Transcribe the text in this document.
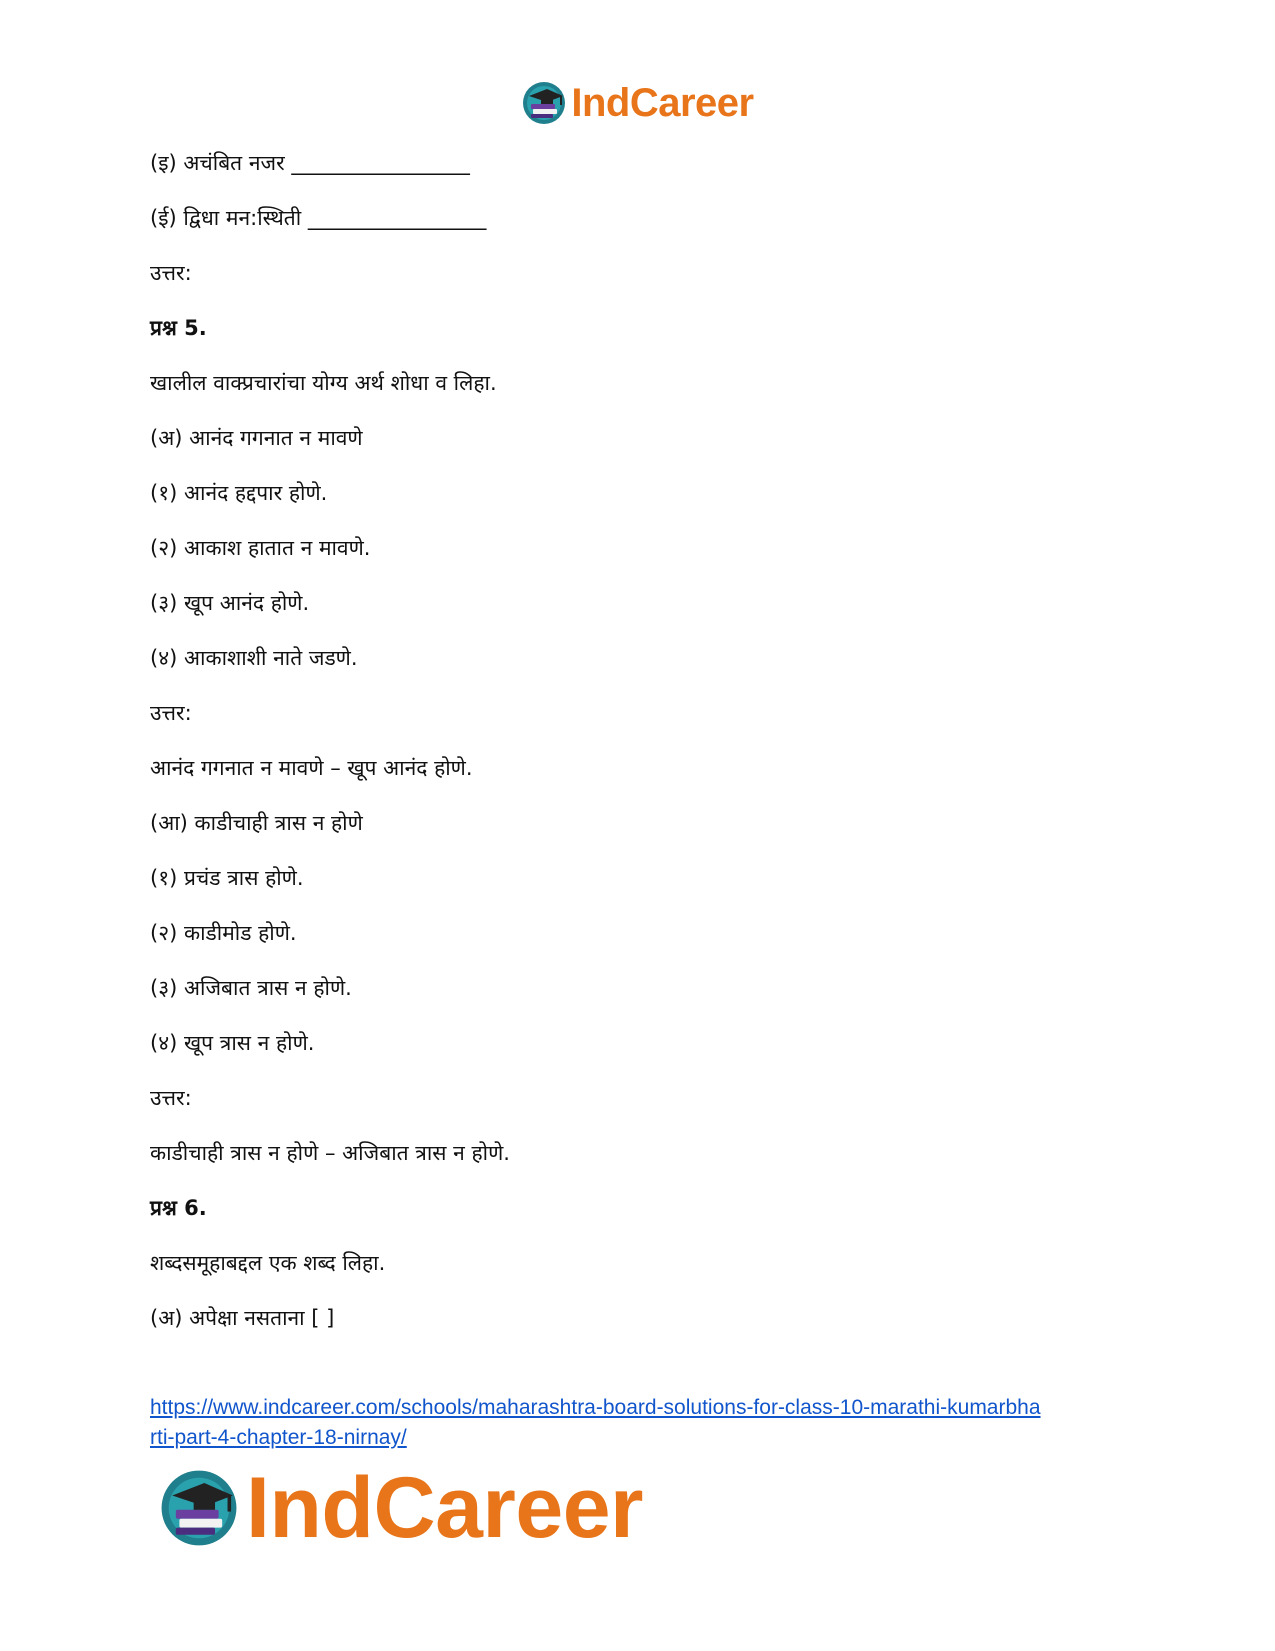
IndCareer
(इ) अचंबित नजर _________________
(ई) द्विधा मन:स्थिती _________________
उत्तर:
प्रश्न 5.
खालील वाक्प्रचारांचा योग्य अर्थ शोधा व लिहा.
(अ) आनंद गगनात न मावणे
(१) आनंद हद्दपार होणे.
(२) आकाश हातात न मावणे.
(३) खूप आनंद होणे.
(४) आकाशाशी नाते जडणे.
उत्तर:
आनंद गगनात न मावणे – खूप आनंद होणे.
(आ) काडीचाही त्रास न होणे
(१) प्रचंड त्रास होणे.
(२) काडीमोड होणे.
(३) अजिबात त्रास न होणे.
(४) खूप त्रास न होणे.
उत्तर:
काडीचाही त्रास न होणे – अजिबात त्रास न होणे.
प्रश्न 6.
शब्दसमूहाबद्दल एक शब्द लिहा.
(अ) अपेक्षा नसताना [ ]
https://www.indcareer.com/schools/maharashtra-board-solutions-for-class-10-marathi-kumarbha
rti-part-4-chapter-18-nirnay/
IndCareer
